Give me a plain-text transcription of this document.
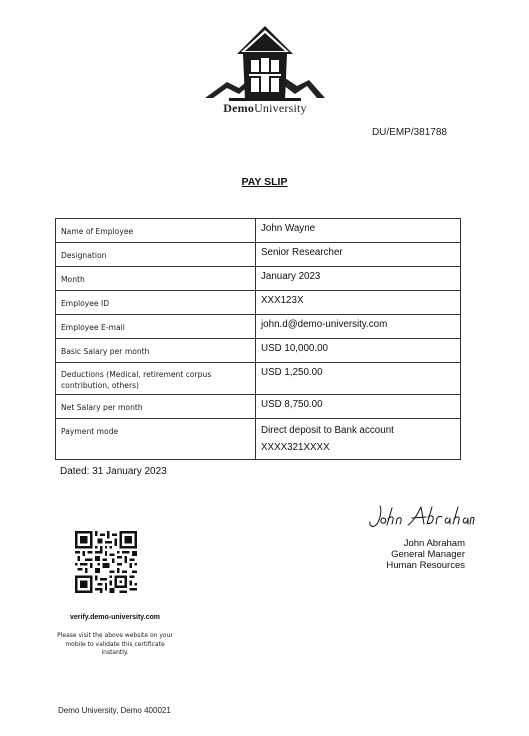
DemoUniversity
DU/EMP/381788
PAY SLIP
Name of Employee	John Wayne
Designation	Senior Researcher
Month	January 2023
Employee ID	XXX123X
Employee E-mail	john.d@demo-university.com
Basic Salary per month	USD 10,000.00
Deductions (Medical, retirement corpus contribution, others)	USD 1,250.00
Net Salary per month	USD 8,750.00
Payment mode	Direct deposit to Bank account
XXXX321XXXX
Dated: 31 January 2023
John Abraham
General Manager
Human Resources
verify.demo-university.com
Please visit the above website on your mobile to validate this certificate instantly.
Demo University, Demo 400021
